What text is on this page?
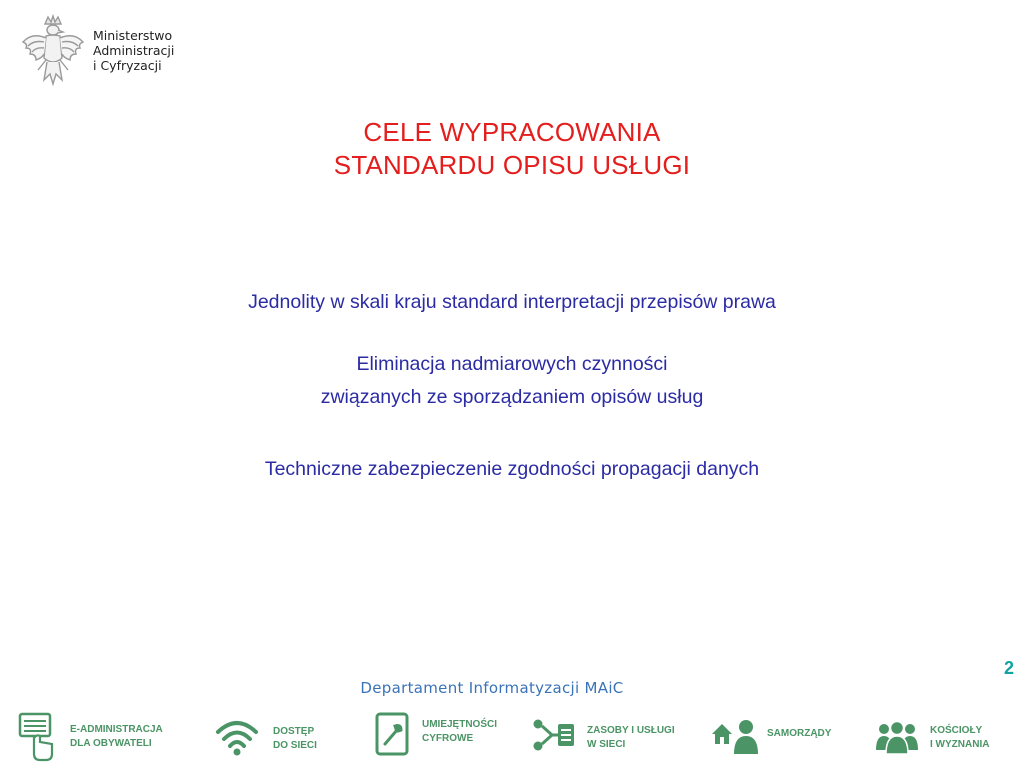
Ministerstwo
Administracji
i Cyfryzacji
CELE WYPRACOWANIA
STANDARDU OPISU USŁUGI
Jednolity w skali kraju standard interpretacji przepisów prawa
Eliminacja nadmiarowych czynności
związanych ze sporządzaniem opisów usług
Techniczne zabezpieczenie zgodności propagacji danych
2
Departament Informatyzacji MAiC
E-ADMINISTRACJA
DLA OBYWATELI
DOSTĘP
DO SIECI
UMIEJĘTNOŚCI
CYFROWE
ZASOBY I USŁUGI
W SIECI
SAMORZĄDY	KOŚCIOŁY
I WYZNANIA
